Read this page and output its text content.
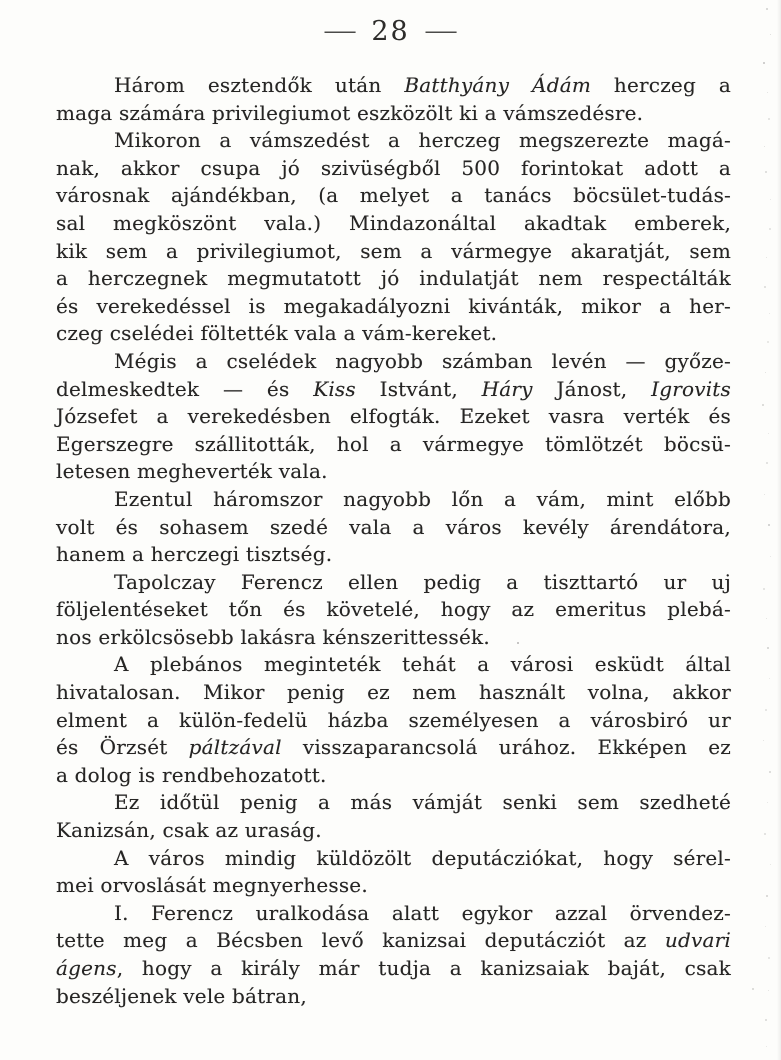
— 28 —
Három esztendők után Batthyány Ádám herczeg a
maga számára privilegiumot eszközölt ki a vámszedésre.
Mikoron a vámszedést a herczeg megszerezte magá-
nak, akkor csupa jó szivüségből 500 forintokat adott a
városnak ajándékban, (a melyet a tanács böcsület-tudás-
sal megköszönt vala.) Mindazonáltal akadtak emberek,
kik sem a privilegiumot, sem a vármegye akaratját, sem
a herczegnek megmutatott jó indulatját nem respectálták
és verekedéssel is megakadályozni kivánták, mikor a her-
czeg cselédei föltették vala a vám-kereket.
Mégis a cselédek nagyobb számban levén — győze-
delmeskedtek — és Kiss Istvánt, Háry Jánost, Igrovits
Józsefet a verekedésben elfogták. Ezeket vasra verték és
Egerszegre szállitották, hol a vármegye tömlötzét böcsü-
letesen megheverték vala.
Ezentul háromszor nagyobb lőn a vám, mint előbb
volt és sohasem szedé vala a város kevély árendátora,
hanem a herczegi tisztség.
Tapolczay Ferencz ellen pedig a tiszttartó ur uj
följelentéseket tőn és követelé, hogy az emeritus plebá-
nos erkölcsösebb lakásra kénszerittessék.
A plebános meginteték tehát a városi esküdt által
hivatalosan. Mikor penig ez nem használt volna, akkor
elment a külön-fedelü házba személyesen a városbiró ur
és Örzsét páltzával visszaparancsolá urához. Ekképen ez
a dolog is rendbehozatott.
Ez időtül penig a más vámját senki sem szedheté
Kanizsán, csak az uraság.
A város mindig küldözölt deputácziókat, hogy sérel-
mei orvoslását megnyerhesse.
I. Ferencz uralkodása alatt egykor azzal örvendez-
tette meg a Bécsben levő kanizsai deputácziót az udvari
ágens, hogy a király már tudja a kanizsaiak baját, csak
beszéljenek vele bátran,
